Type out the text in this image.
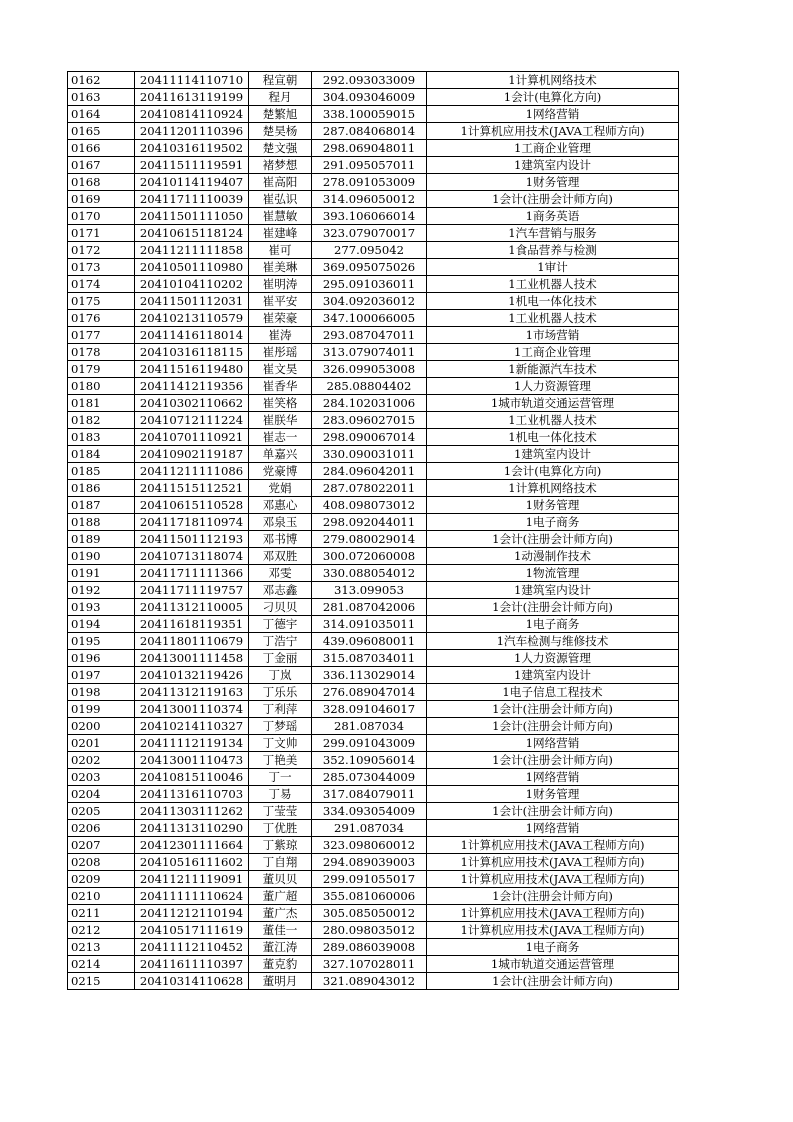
0162	20411114110710	程宣朝	292.093033009	1计算机网络技术
0163	20411613119199	程月	304.093046009	1会计(电算化方向)
0164	20410814110924	楚繁旭	338.100059015	1网络营销
0165	20411201110396	楚昊杨	287.084068014	1计算机应用技术(JAVA工程师方向)
0166	20410316119502	楚文强	298.069048011	1工商企业管理
0167	20411511119591	褚梦想	291.095057011	1建筑室内设计
0168	20410114119407	崔高阳	278.091053009	1财务管理
0169	20411711110039	崔弘识	314.096050012	1会计(注册会计师方向)
0170	20411501111050	崔慧敏	393.106066014	1商务英语
0171	20410615118124	崔建峰	323.079070017	1汽车营销与服务
0172	20411211111858	崔可	277.095042	1食品营养与检测
0173	20410501110980	崔美琳	369.095075026	1审计
0174	20410104110202	崔明涛	295.091036011	1工业机器人技术
0175	20411501112031	崔平安	304.092036012	1机电一体化技术
0176	20410213110579	崔荣豪	347.100066005	1工业机器人技术
0177	20411416118014	崔涛	293.087047011	1市场营销
0178	20410316118115	崔彤瑶	313.079074011	1工商企业管理
0179	20411516119480	崔文昊	326.099053008	1新能源汽车技术
0180	20411412119356	崔香华	285.08804402	1人力资源管理
0181	20410302110662	崔笑格	284.102031006	1城市轨道交通运营管理
0182	20410712111224	崔朕华	283.096027015	1工业机器人技术
0183	20410701110921	崔志一	298.090067014	1机电一体化技术
0184	20410902119187	单嘉兴	330.090031011	1建筑室内设计
0185	20411211111086	党豪博	284.096042011	1会计(电算化方向)
0186	20411515112521	党娟	287.078022011	1计算机网络技术
0187	20410615110528	邓惠心	408.098073012	1财务管理
0188	20411718110974	邓泉玉	298.092044011	1电子商务
0189	20411501112193	邓书博	279.080029014	1会计(注册会计师方向)
0190	20410713118074	邓双胜	300.072060008	1动漫制作技术
0191	20411711111366	邓雯	330.088054012	1物流管理
0192	20411711119757	邓志鑫	313.099053	1建筑室内设计
0193	20411312110005	刁贝贝	281.087042006	1会计(注册会计师方向)
0194	20411618119351	丁德宇	314.091035011	1电子商务
0195	20411801110679	丁浩宁	439.096080011	1汽车检测与维修技术
0196	20413001111458	丁金丽	315.087034011	1人力资源管理
0197	20410132119426	丁岚	336.113029014	1建筑室内设计
0198	20411312119163	丁乐乐	276.089047014	1电子信息工程技术
0199	20413001110374	丁利萍	328.091046017	1会计(注册会计师方向)
0200	20410214110327	丁梦瑶	281.087034	1会计(注册会计师方向)
0201	20411112119134	丁文帅	299.091043009	1网络营销
0202	20413001110473	丁艳美	352.109056014	1会计(注册会计师方向)
0203	20410815110046	丁一	285.073044009	1网络营销
0204	20411316110703	丁易	317.084079011	1财务管理
0205	20411303111262	丁莹莹	334.093054009	1会计(注册会计师方向)
0206	20411313110290	丁优胜	291.087034	1网络营销
0207	20412301111664	丁紫琼	323.098060012	1计算机应用技术(JAVA工程师方向)
0208	20410516111602	丁自翔	294.089039003	1计算机应用技术(JAVA工程师方向)
0209	20411211119091	董贝贝	299.091055017	1计算机应用技术(JAVA工程师方向)
0210	20411111110624	董广超	355.081060006	1会计(注册会计师方向)
0211	20411212110194	董广杰	305.085050012	1计算机应用技术(JAVA工程师方向)
0212	20410517111619	董佳一	280.098035012	1计算机应用技术(JAVA工程师方向)
0213	20411112110452	董江涛	289.086039008	1电子商务
0214	20411611110397	董克豹	327.107028011	1城市轨道交通运营管理
0215	20410314110628	董明月	321.089043012	1会计(注册会计师方向)
